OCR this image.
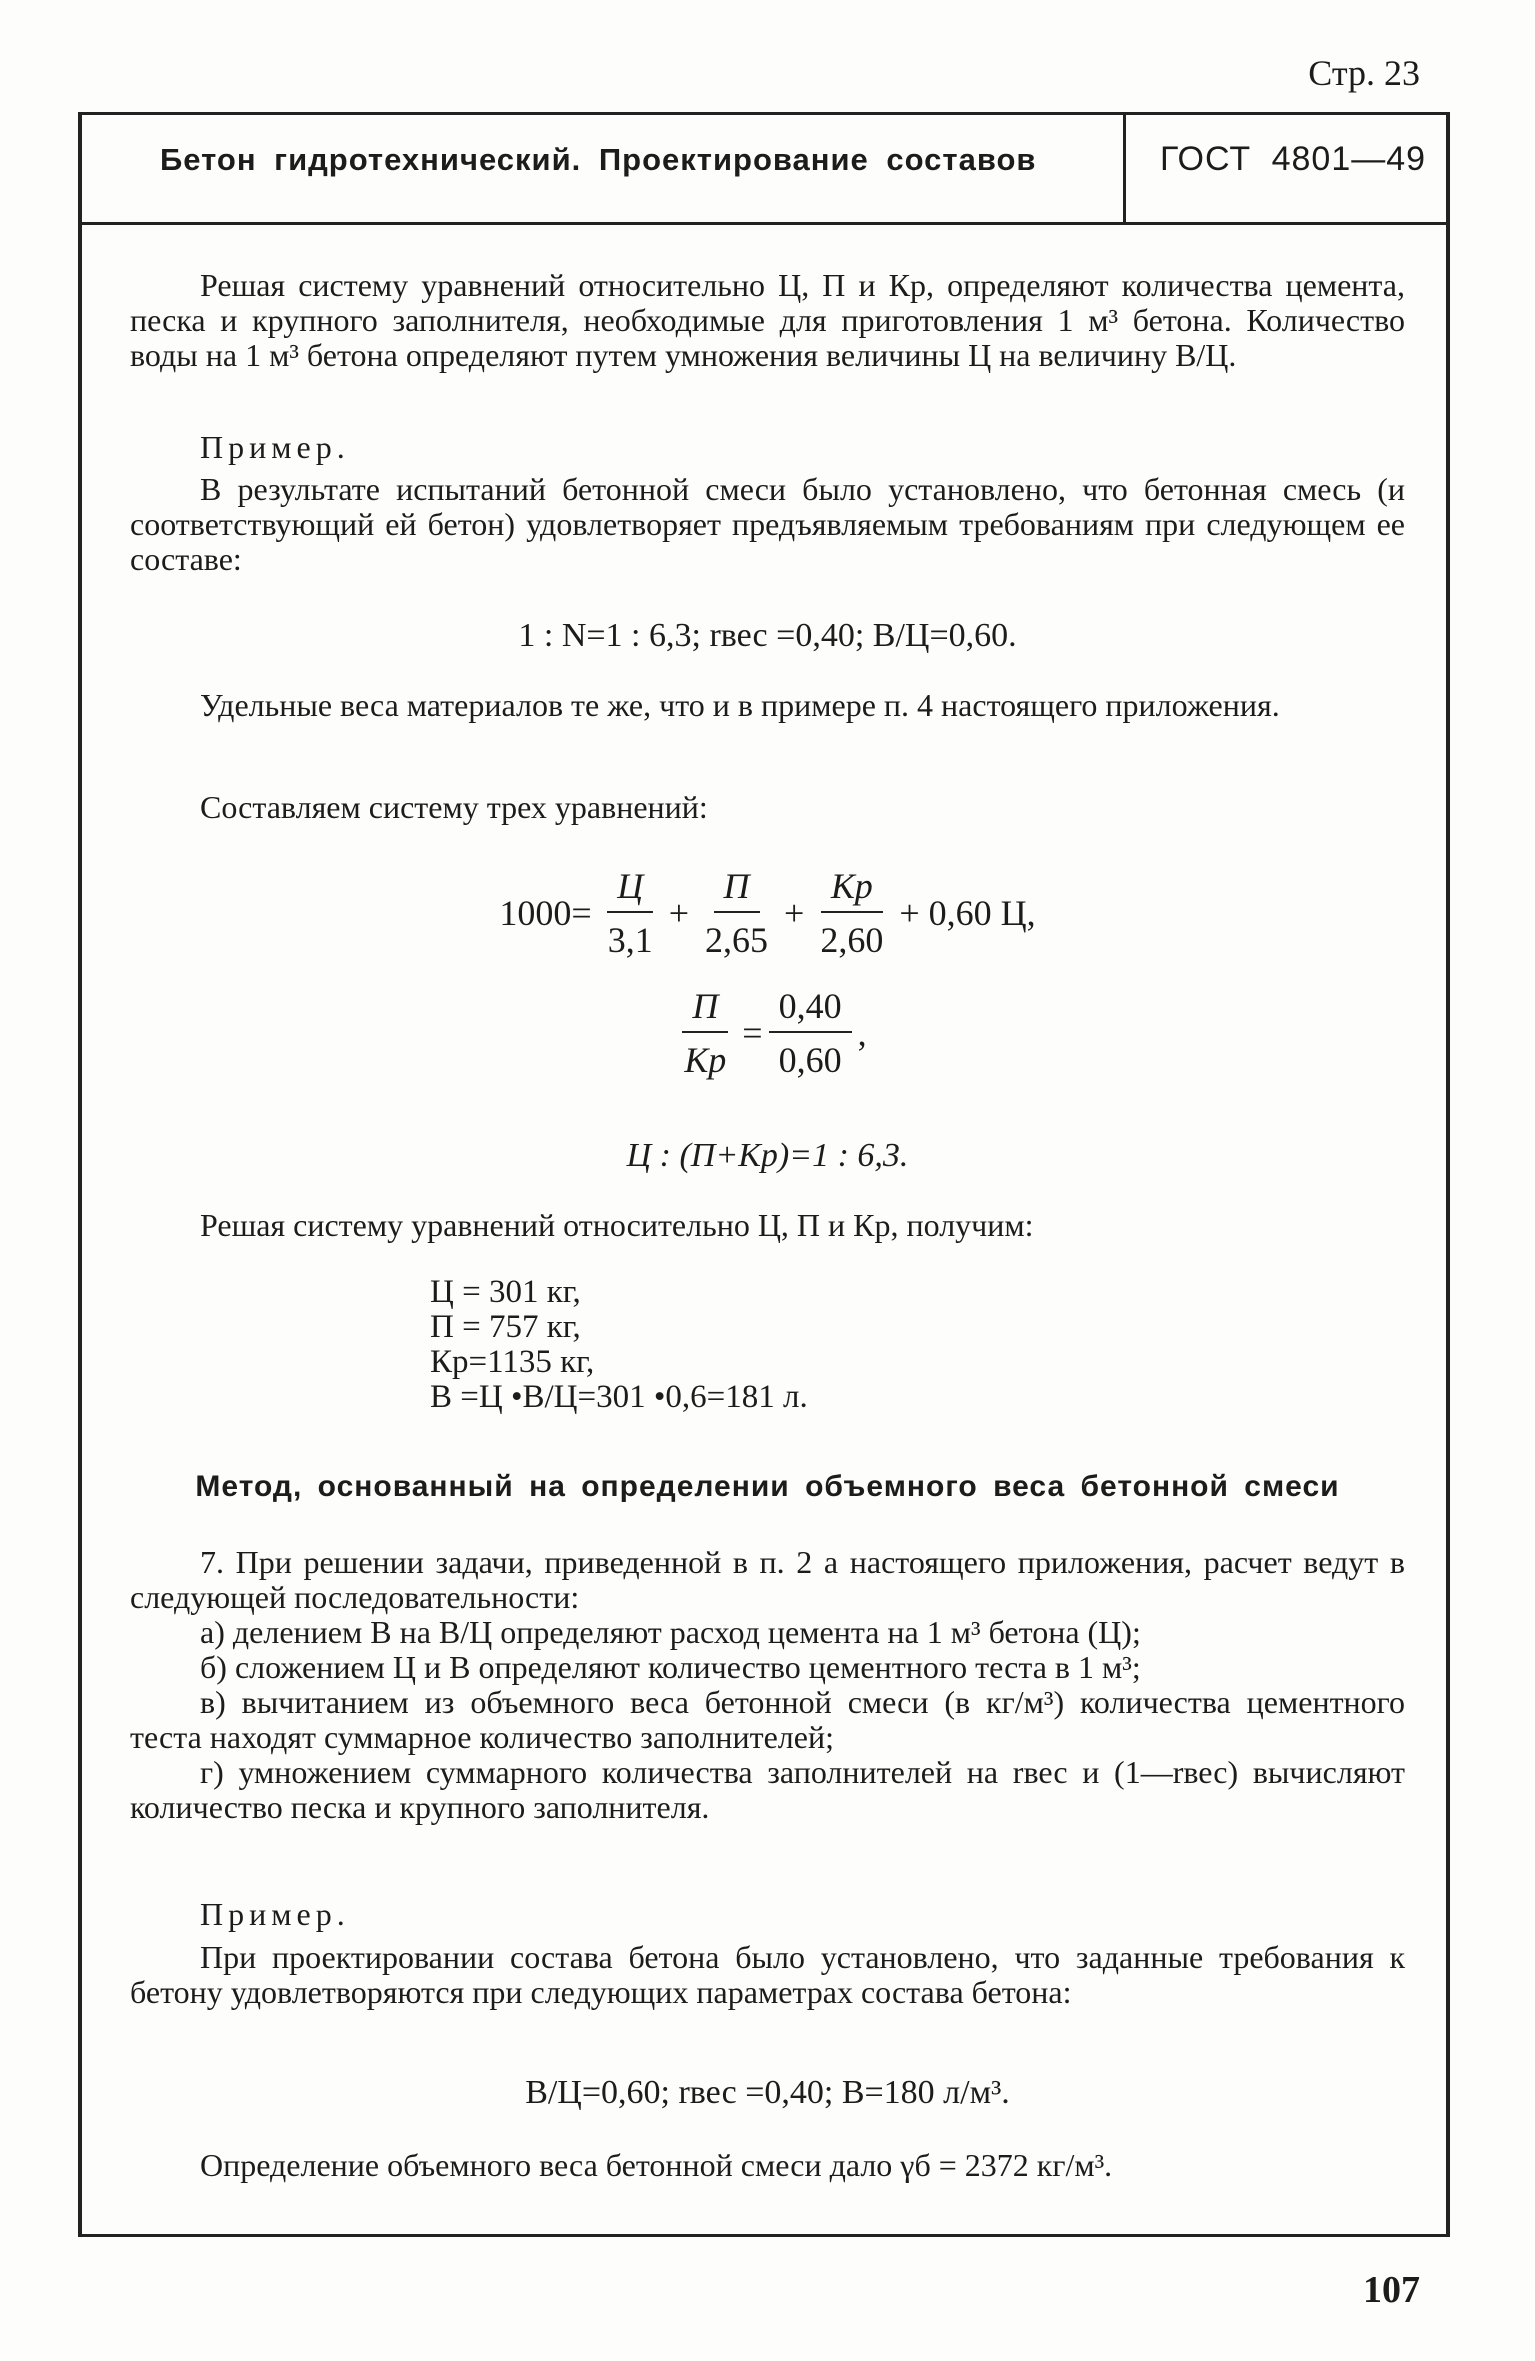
Стр. 23
Бетон гидротехнический. Проектирование составов	ГОСТ 4801—49

Решая систему уравнений относительно Ц, П и Кр, определяют количества цемента, песка и крупного заполнителя, необходимые для приготовления 1 м³ бетона. Количество воды на 1 м³ бетона определяют путем умножения величины Ц на величину В/Ц.

Пример.

В результате испытаний бетонной смеси было установлено, что бетонная смесь (и соответствующий ей бетон) удовлетворяет предъявляемым требованиям при следующем ее составе:

1 : N=1 : 6,3; rвес =0,40; В/Ц=0,60.

Удельные веса материалов те же, что и в примере п. 4 настоящего приложения.

Составляем систему трех уравнений:

$1000= \frac{Ц}{3,1} + \frac{П}{2,65} + \frac{Кр}{2,60} + 0,60$ Ц,
$\frac{П}{Кр} = \frac{0,40}{0,60}$ ,

Ц : (П+Кр)=1 : 6,3.

Решая систему уравнений относительно Ц, П и Кр, получим:

Ц = 301 кг,
П = 757 кг,
Кр=1135 кг,
В =Ц •В/Ц=301 •0,6=181 л.
Метод, основанный на определении объемного веса бетонной смеси

7. При решении задачи, приведенной в п. 2 а настоящего приложения, расчет ведут в следующей последовательности:

а) делением В на В/Ц определяют расход цемента на 1 м³ бетона (Ц);

б) сложением Ц и В определяют количество цементного теста в 1 м³;

в) вычитанием из объемного веса бетонной смеси (в кг/м³) количества цементного теста находят суммарное количество заполнителей;

г) умножением суммарного количества заполнителей на rвес и (1—rвес) вычисляют количество песка и крупного заполнителя.

Пример.

При проектировании состава бетона было установлено, что заданные требования к бетону удовлетворяются при следующих параметрах состава бетона:

В/Ц=0,60; rвес =0,40; В=180 л/м³.

Определение объемного веса бетонной смеси дало γб = 2372 кг/м³.

107
